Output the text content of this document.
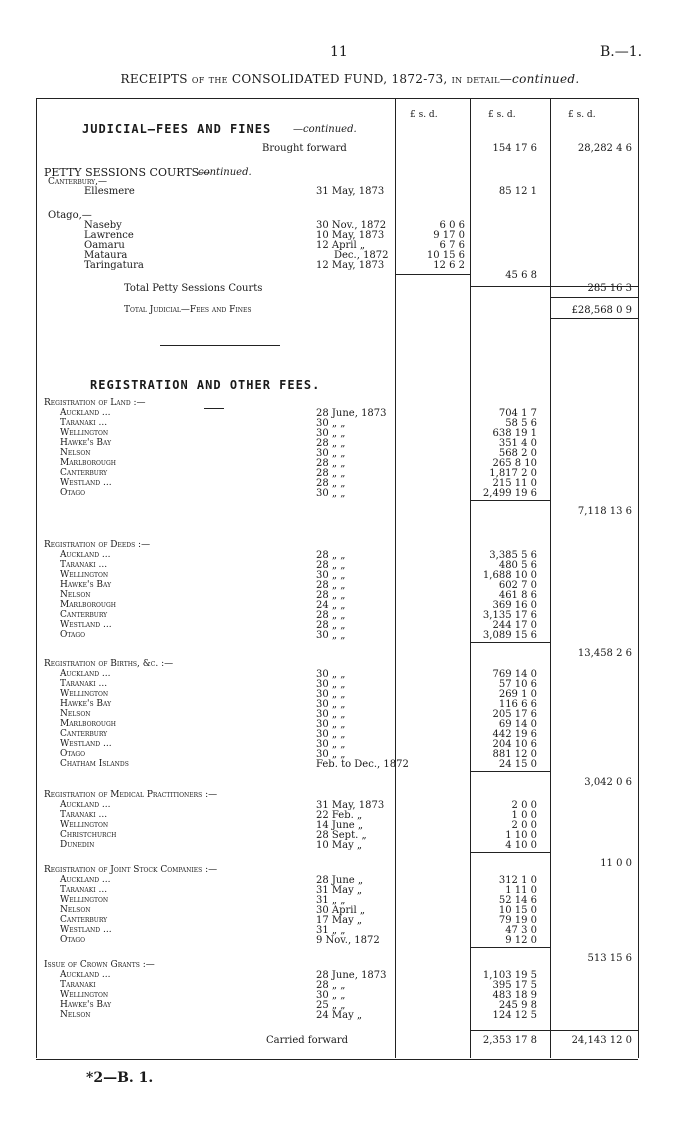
11	B.—1.
RECEIPTS of the CONSOLIDATED FUND, 1872-73, in detail—continued.
£ s. d.	£ s. d.	£ s. d.
JUDICIAL—FEES AND FINES —continued.
Brought forward	154 17 6	28,282 4 6
PETTY SESSIONS COURTS—
continued.
Canterbury,—
Ellesmere	31 May, 1873	85 12 1
Otago,—
Naseby	30 Nov., 1872	6 0 6
Lawrence	10 May, 1873	9 17 0
Oamaru	12 April „	6 7 6
Mataura	Dec., 1872	10 15 6
Taringatura	12 May, 1873	12 6 2
45 6 8
Total Petty Sessions Courts	285 16 3
Total Judicial—Fees and Fines	£28,568 0 9
REGISTRATION AND OTHER FEES.
Registration of Land :—
Auckland ...	28 June, 1873	704 1 7
Taranaki ...	30 „ „	58 5 6
Wellington	30 „ „	638 19 1
Hawke's Bay	28 „ „	351 4 0
Nelson	30 „ „	568 2 0
Marlborough	28 „ „	265 8 10
Canterbury	28 „ „	1,817 2 0
Westland ...	28 „ „	215 11 0
Otago	30 „ „	2,499 19 6
7,118 13 6
Registration of Deeds :—
Auckland ...	28 „ „	3,385 5 6
Taranaki ...	28 „ „	480 5 6
Wellington	30 „ „	1,688 10 0
Hawke's Bay	28 „ „	602 7 0
Nelson	28 „ „	461 8 6
Marlborough	24 „ „	369 16 0
Canterbury	28 „ „	3,135 17 6
Westland ...	28 „ „	244 17 0
Otago	30 „ „	3,089 15 6
13,458 2 6
Registration of Births, &c. :—
Auckland ...	30 „ „	769 14 0
Taranaki ...	30 „ „	57 10 6
Wellington	30 „ „	269 1 0
Hawke's Bay	30 „ „	116 6 6
Nelson	30 „ „	205 17 6
Marlborough	30 „ „	69 14 0
Canterbury	30 „ „	442 19 6
Westland ...	30 „ „	204 10 6
Otago	30 „ „	881 12 0
Chatham Islands	Feb. to Dec., 1872	24 15 0
3,042 0 6
Registration of Medical Practitioners :—
Auckland ...	31 May, 1873	2 0 0
Taranaki ...	22 Feb. „	1 0 0
Wellington	14 June „	2 0 0
Christchurch	28 Sept. „	1 10 0
Dunedin	10 May „	4 10 0
11 0 0
Registration of Joint Stock Companies :—
Auckland ...	28 June „	312 1 0
Taranaki ...	31 May „	1 11 0
Wellington	31 „ „	52 14 6
Nelson	30 April „	10 15 0
Canterbury	17 May „	79 19 0
Westland ...	31 „ „	47 3 0
Otago	9 Nov., 1872	9 12 0
513 15 6
Issue of Crown Grants :—
Auckland ...	28 June, 1873	1,103 19 5
Taranaki	28 „ „	395 17 5
Wellington	30 „ „	483 18 9
Hawke's Bay	25 „ „	245 9 8
Nelson	24 May „	124 12 5
Carried forward	2,353 17 8	24,143 12 0
*2—B. 1.
